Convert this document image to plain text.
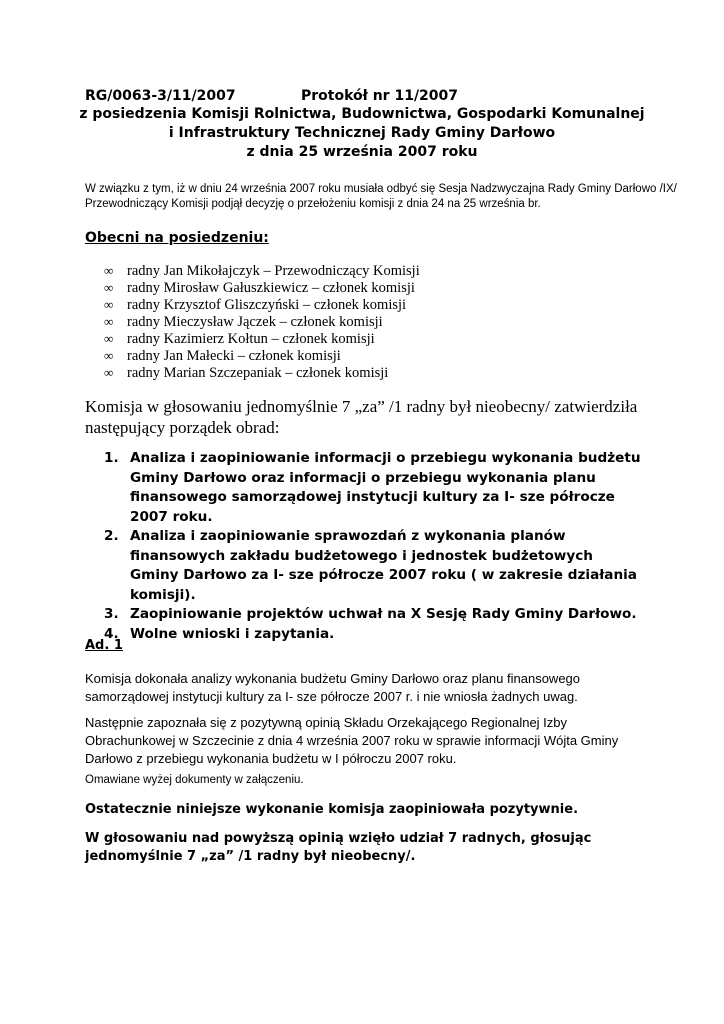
RG/0063-3/11/2007	Protokół nr 11/2007
z posiedzenia Komisji Rolnictwa, Budownictwa, Gospodarki Komunalnej
i Infrastruktury Technicznej Rady Gminy Darłowo
z dnia 25 września 2007 roku
W związku z tym, iż w dniu 24 września 2007 roku musiała odbyć się Sesja Nadzwyczajna Rady Gminy Darłowo /IX/
Przewodniczący Komisji podjął decyzję o przełożeniu komisji z dnia 24 na 25 września br.
Obecni na posiedzeniu:
∞ radny Jan Mikołajczyk – Przewodniczący Komisji
∞ radny Mirosław Gałuszkiewicz – członek komisji
∞ radny Krzysztof Gliszczyński – członek komisji
∞ radny Mieczysław Jączek – członek komisji
∞ radny Kazimierz Kołtun – członek komisji
∞ radny Jan Małecki – członek komisji
∞ radny Marian Szczepaniak – członek komisji
Komisja w głosowaniu jednomyślnie 7 „za” /1 radny był nieobecny/ zatwierdziła następujący porządek obrad:
1. Analiza i zaopiniowanie informacji o przebiegu wykonania budżetu Gminy Darłowo oraz informacji o przebiegu wykonania planu finansowego samorządowej instytucji kultury za I- sze półrocze 2007 roku.
2. Analiza i zaopiniowanie sprawozdań z wykonania planów finansowych zakładu budżetowego i jednostek budżetowych Gminy Darłowo za I- sze półrocze 2007 roku ( w zakresie działania komisji).
3. Zaopiniowanie projektów uchwał na X Sesję Rady Gminy Darłowo.
4. Wolne wnioski i zapytania.
Ad. 1
Komisja dokonała analizy wykonania budżetu Gminy Darłowo oraz planu finansowego samorządowej instytucji kultury za I- sze półrocze 2007 r. i nie wniosła żadnych uwag.
Następnie zapoznała się z pozytywną opinią Składu Orzekającego Regionalnej Izby Obrachunkowej w Szczecinie z dnia 4 września 2007 roku w sprawie informacji Wójta Gminy Darłowo z przebiegu wykonania budżetu w I półroczu 2007 roku.
Omawiane wyżej dokumenty w załączeniu.
Ostatecznie niniejsze wykonanie komisja zaopiniowała pozytywnie.
W głosowaniu nad powyższą opinią wzięło udział 7 radnych, głosując jednomyślnie 7 „za” /1 radny był nieobecny/.
